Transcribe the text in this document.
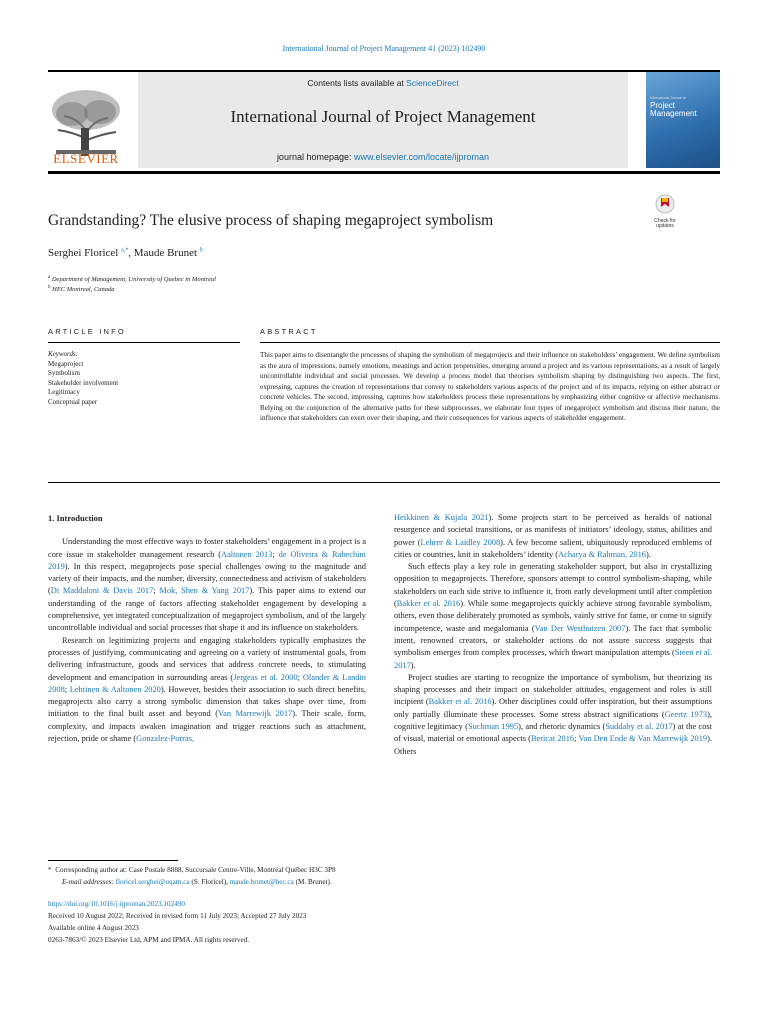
International Journal of Project Management 41 (2023) 102490
ELSEVIER
Contents lists available at ScienceDirect
International Journal of Project Management
journal homepage: www.elsevier.com/locate/ijproman
International Journal of
Project
Management
Grandstanding? The elusive process of shaping megaproject symbolism	Check for
updates
Serghei Floricel $^{a,*}$, Maude Brunet $^b$
$^a$ Department of Management, University of Quebec in Montreal
$^b$ HEC Montreal, Canada
ARTICLE INFO	ABSTRACT
Keywords:
Megaproject
Symbolism
Stakeholder involvement
Legitimacy
Conceptual paper
This paper aims to disentangle the processes of shaping the symbolism of megaprojects and their influence on stakeholders’ engagement. We define symbolism as the aura of impressions, namely emotions, meanings and action propensities, emerging around a project and its various representations, as a result of largely uncontrollable individual and social processes. We develop a process model that theorises symbolism shaping by distinguishing two aspects. The first, expressing, captures the creation of representations that convey to stakeholders various aspects of the project and of its impacts, relying on either abstract or concrete vehicles. The second, impressing, captures how stakeholders process these representations by emphasizing either cognitive or affective mechanisms. Relying on the conjunction of the alternative paths for these subprocesses, we elaborate four types of megaproject symbolism and discuss their nature, the influence that stakeholders can exert over their shaping, and their consequences for various aspects of stakeholder engagement.
1. Introduction

Understanding the most effective ways to foster stakeholders’ engagement in a project is a core issue in stakeholder management research (Aaltonen 2013; de Oliveira & Rabechini 2019). In this respect, megaprojects pose special challenges owing to the magnitude and variety of their impacts, and the number, diversity, connectedness and activism of stakeholders (Di Maddaloni & Davis 2017; Mok, Shen & Yang 2017). This paper aims to extend our understanding of the range of factors affecting stakeholder engagement by developing a comprehensive, yet integrated conceptualization of megaproject symbolism, and of the largely uncontrollable individual and social processes that shape it and its influence on stakeholders.

Research on legitimizing projects and engaging stakeholders typically emphasizes the processes of justifying, communicating and agreeing on a variety of instrumental goals, from delivering infrastructure, goods and services that address concrete needs, to stimulating development and emancipation in surrounding areas (Jergeas et al. 2000; Olander & Landin 2008; Lehtinen & Aaltonen 2020). However, besides their association to such direct benefits, megaprojects also carry a strong symbolic dimension that takes shape over time, from initiation to the final built asset and beyond (Van Marrewijk 2017). Their scale, form, complexity, and impacts awaken imagination and trigger reactions such as attachment, rejection, pride or shame (Gonzalez-Porras,

Heikkinen & Kujala 2021). Some projects start to be perceived as heralds of national resurgence and societal transitions, or as manifests of initiators’ ideology, status, abilities and power (Lehrer & Laidley 2008). A few become salient, ubiquitously reproduced emblems of cities or countries, knit in stakeholders’ identity (Acharya & Rahman, 2016).

Such effects play a key role in generating stakeholder support, but also in crystallizing opposition to megaprojects. Therefore, sponsors attempt to control symbolism-shaping, while stakeholders on each side strive to influence it, from early development until after completion (Bakker et al. 2016). While some megaprojects quickly achieve strong favorable symbolism, others, even those deliberately promoted as symbols, vainly strive for fame, or come to signify incompetence, waste and megalomania (Van Der Westhuizen 2007). The fact that symbolic intent, renowned creators, or stakeholder actions do not assure success suggests that symbolism emerges from complex processes, which thwart manipulation attempts (Steen et al. 2017).

Project studies are starting to recognize the importance of symbolism, but theorizing its shaping processes and their impact on stakeholder attitudes, engagement and roles is still incipient (Bakker et al. 2016). Other disciplines could offer inspiration, but their assumptions only partially illuminate these processes. Some stress abstract significations (Geertz 1973), cognitive legitimacy (Suchman 1995), and rhetoric dynamics (Suddaby et al. 2017) at the cost of visual, material or emotional aspects (Bericat 2016; Van Den Ende & Van Marrewijk 2019). Others

* Corresponding author at: Case Postale 8888, Succursale Centre-Ville, Montréal Québec H3C 3P8
E-mail addresses: floricel.serghei@uqam.ca (S. Floricel), maude.brunet@hec.ca (M. Brunet).
https://doi.org/10.1016/j.ijproman.2023.102490
Received 10 August 2022; Received in revised form 11 July 2023; Accepted 27 July 2023
Available online 4 August 2023
0263-7863/© 2023 Elsevier Ltd, APM and IPMA. All rights reserved.
